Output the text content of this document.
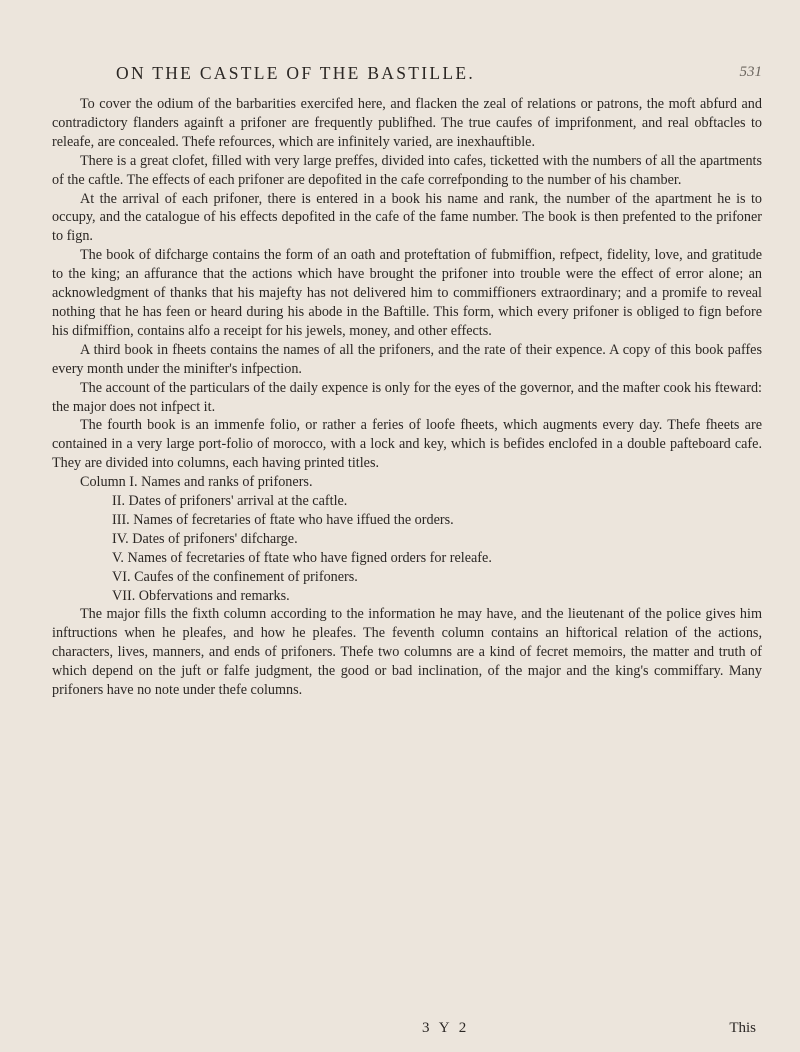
ON THE CASTLE OF THE BASTILLE.	531

To cover the odium of the barbarities exercifed here, and flacken the zeal of relations or patrons, the moft abfurd and contradictory flanders againft a prifoner are frequently publifhed. The true caufes of imprifonment, and real obftacles to releafe, are concealed. Thefe refources, which are infinitely varied, are inexhauftible.

There is a great clofet, filled with very large preffes, divided into cafes, ticketted with the numbers of all the apartments of the caftle. The effects of each prifoner are depofited in the cafe correfponding to the number of his chamber.

At the arrival of each prifoner, there is entered in a book his name and rank, the number of the apartment he is to occupy, and the catalogue of his effects depofited in the cafe of the fame number. The book is then prefented to the prifoner to fign.

The book of difcharge contains the form of an oath and proteftation of fubmiffion, refpect, fidelity, love, and gratitude to the king; an affurance that the actions which have brought the prifoner into trouble were the effect of error alone; an acknowledgment of thanks that his majefty has not delivered him to commiffioners extraordinary; and a promife to reveal nothing that he has feen or heard during his abode in the Baftille. This form, which every prifoner is obliged to fign before his difmiffion, contains alfo a receipt for his jewels, money, and other effects.

A third book in fheets contains the names of all the prifoners, and the rate of their expence. A copy of this book paffes every month under the minifter's infpection.

The account of the particulars of the daily expence is only for the eyes of the governor, and the mafter cook his fteward: the major does not infpect it.

The fourth book is an immenfe folio, or rather a feries of loofe fheets, which augments every day. Thefe fheets are contained in a very large port-folio of morocco, with a lock and key, which is befides enclofed in a double pafteboard cafe. They are divided into columns, each having printed titles.

Column I. Names and ranks of prifoners.
II. Dates of prifoners' arrival at the caftle.
III. Names of fecretaries of ftate who have iffued the orders.
IV. Dates of prifoners' difcharge.
V. Names of fecretaries of ftate who have figned orders for releafe.
VI. Caufes of the confinement of prifoners.
VII. Obfervations and remarks.

The major fills the fixth column according to the information he may have, and the lieutenant of the police gives him inftructions when he pleafes, and how he pleafes. The feventh column contains an hiftorical relation of the actions, characters, lives, manners, and ends of prifoners. Thefe two columns are a kind of fecret memoirs, the matter and truth of which depend on the juft or falfe judgment, the good or bad inclination, of the major and the king's commiffary. Many prifoners have no note under thefe columns.

3 Y 2	This
